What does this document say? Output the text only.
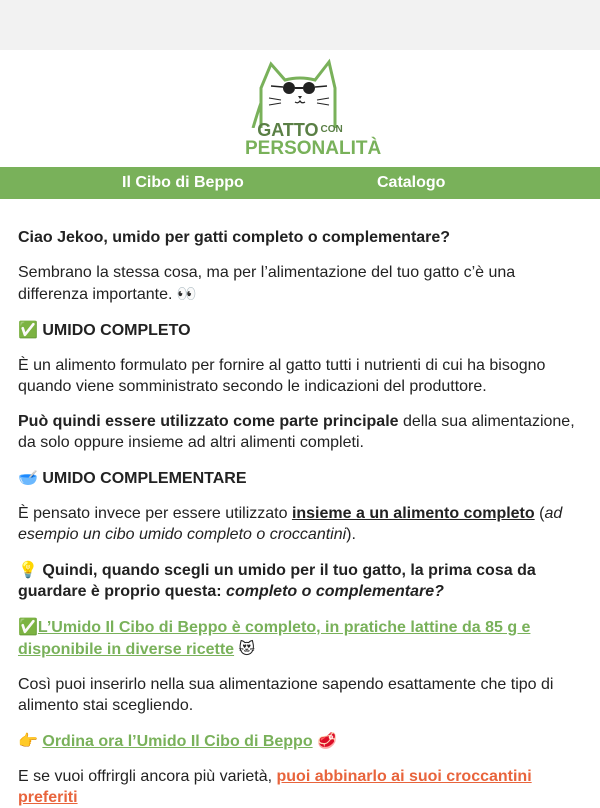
GATTO $^{CON}$
PERSONALITÀ
Il Cibo di Beppo	Catalogo

Ciao Jekoo, umido per gatti completo o complementare?

Sembrano la stessa cosa, ma per l’alimentazione del tuo gatto c’è una differenza importante. 👀

✅ UMIDO COMPLETO

È un alimento formulato per fornire al gatto tutti i nutrienti di cui ha bisogno quando viene somministrato secondo le indicazioni del produttore.

Può quindi essere utilizzato come parte principale della sua alimentazione, da solo oppure insieme ad altri alimenti completi.

🥣 UMIDO COMPLEMENTARE

È pensato invece per essere utilizzato insieme a un alimento completo (ad esempio un cibo umido completo o croccantini).

💡 Quindi, quando scegli un umido per il tuo gatto, la prima cosa da guardare è proprio questa: completo o complementare?

✅L’Umido Il Cibo di Beppo è completo, in pratiche lattine da 85 g e disponibile in diverse ricette 😻

Così puoi inserirlo nella sua alimentazione sapendo esattamente che tipo di alimento stai scegliendo.

👉 Ordina ora l’Umido Il Cibo di Beppo 🥩

E se vuoi offrirgli ancora più varietà, puoi abbinarlo ai suoi croccantini preferiti
